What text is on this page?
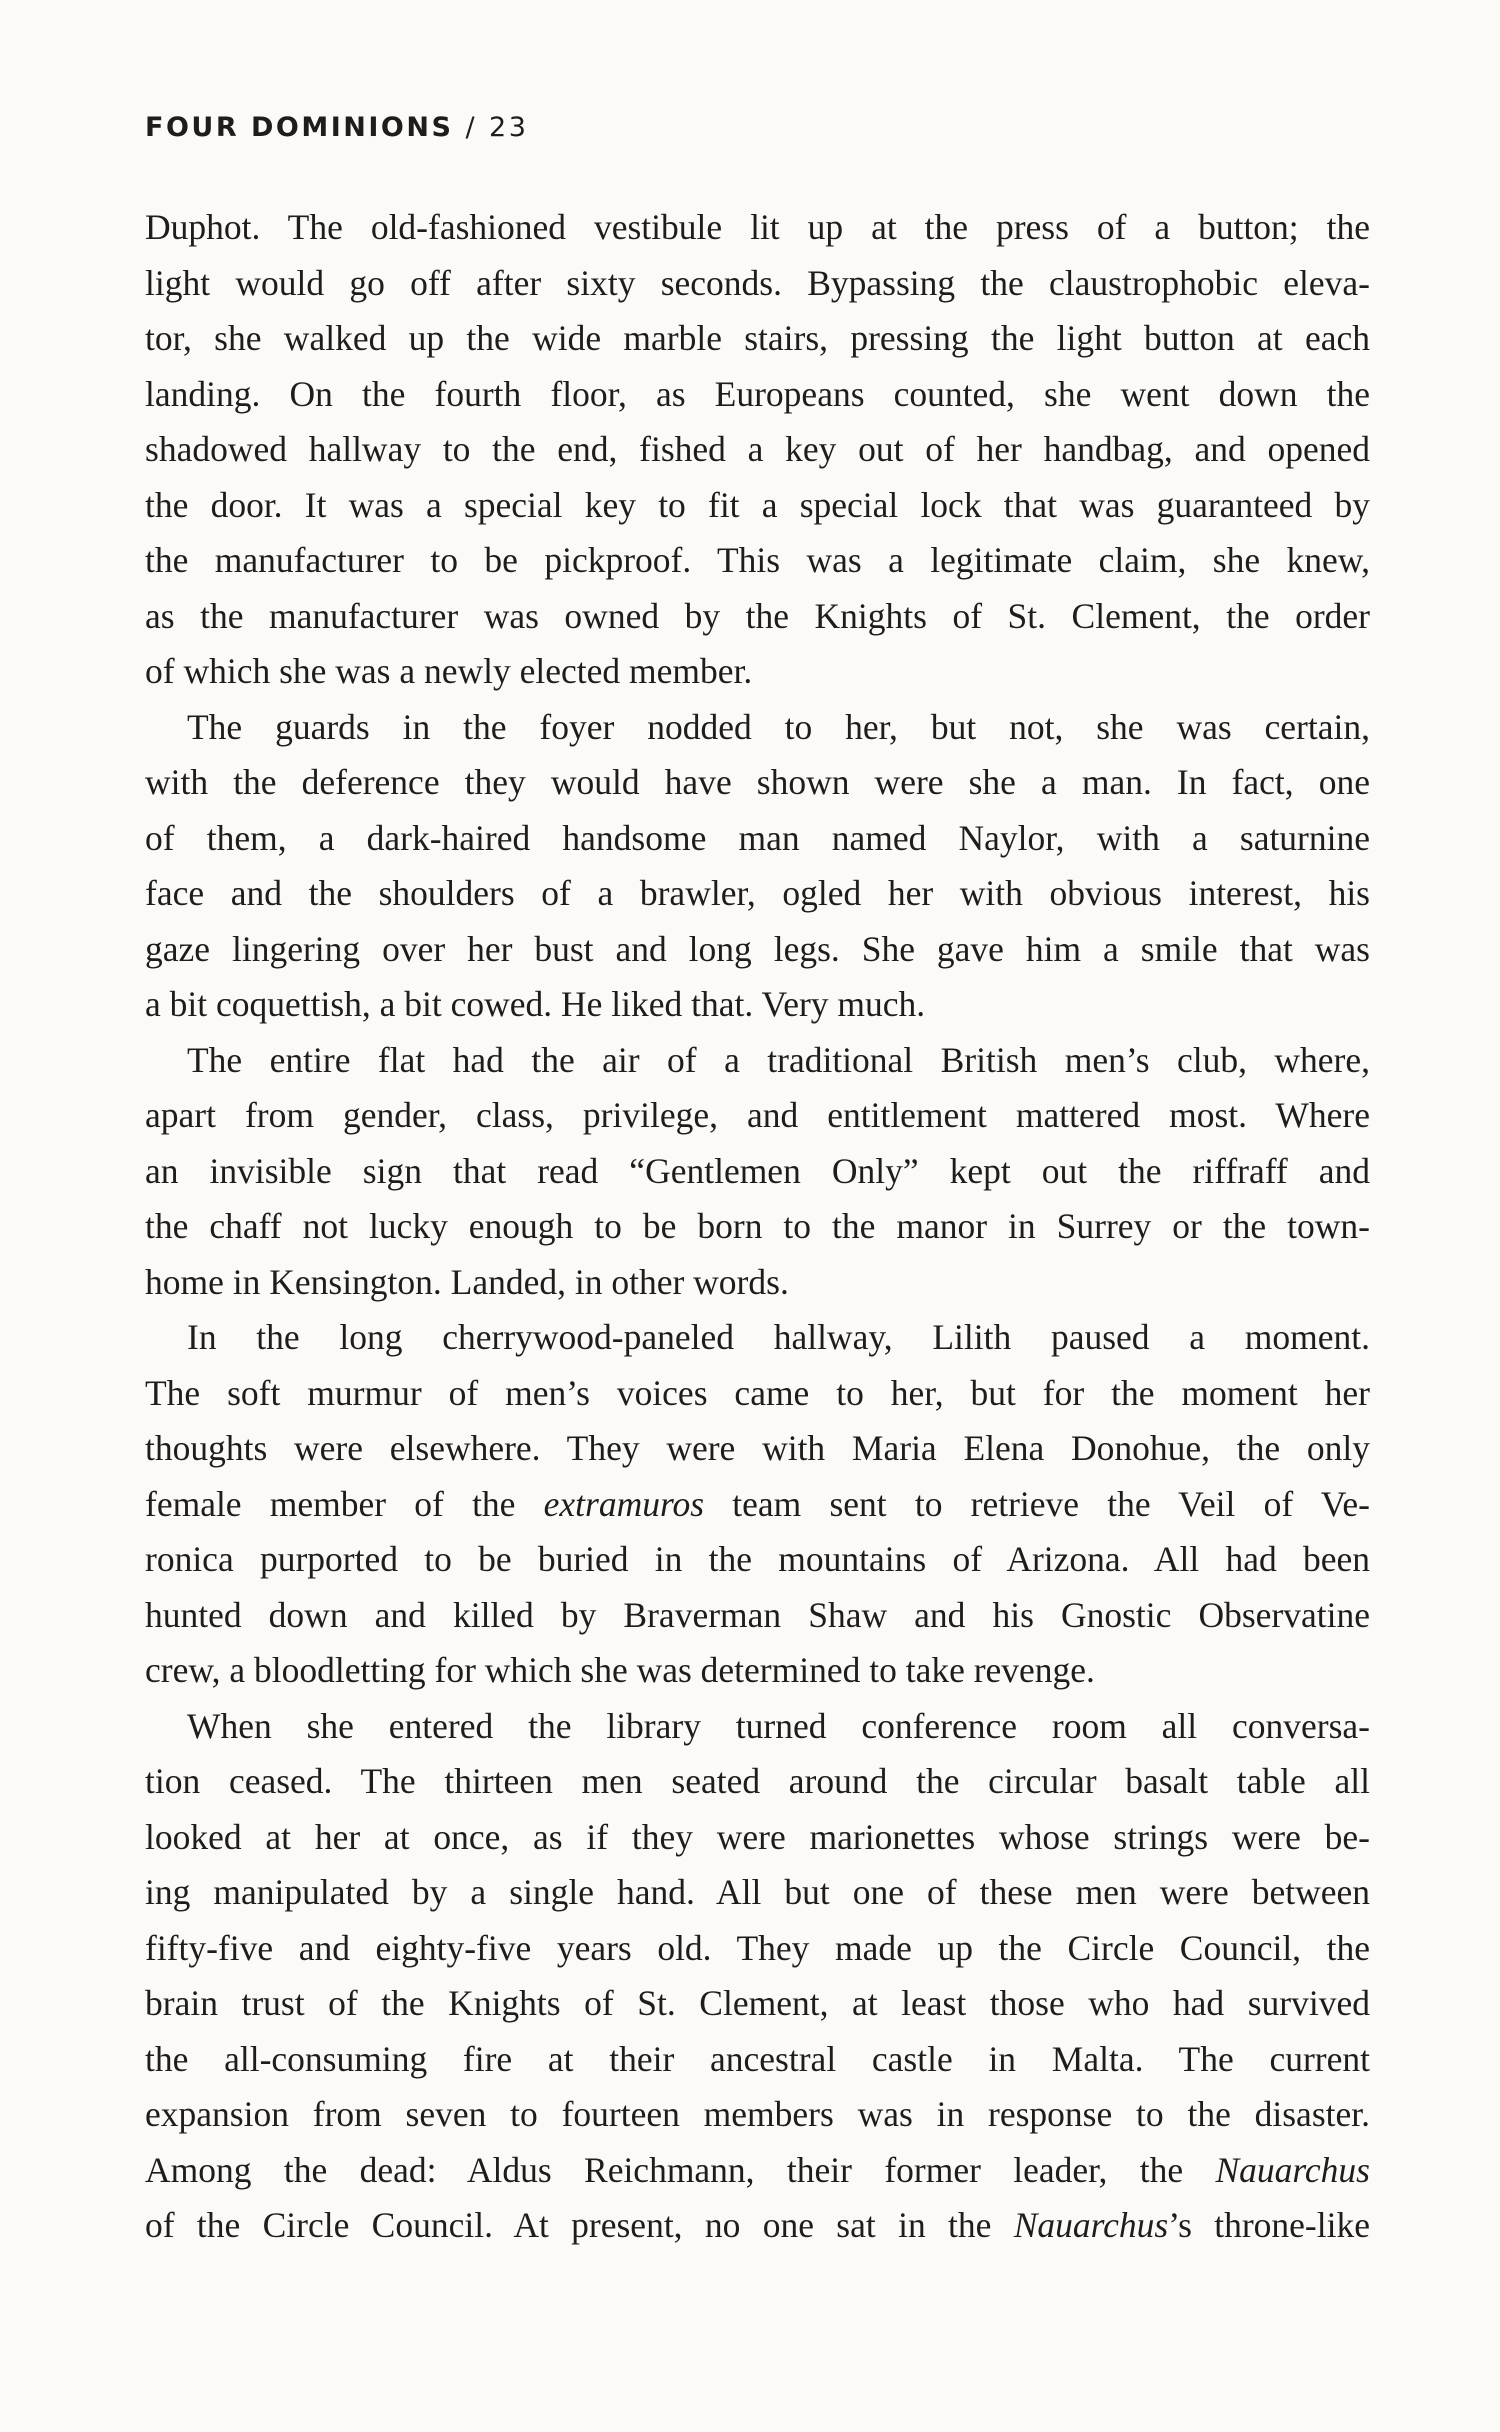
FOUR DOMINIONS / 23
Duphot. The old-fashioned vestibule lit up at the press of a button; the
light would go off after sixty seconds. Bypassing the claustrophobic eleva-
tor, she walked up the wide marble stairs, pressing the light button at each
landing. On the fourth floor, as Europeans counted, she went down the
shadowed hallway to the end, fished a key out of her handbag, and opened
the door. It was a special key to fit a special lock that was guaranteed by
the manufacturer to be pickproof. This was a legitimate claim, she knew,
as the manufacturer was owned by the Knights of St. Clement, the order
of which she was a newly elected member.
The guards in the foyer nodded to her, but not, she was certain,
with the deference they would have shown were she a man. In fact, one
of them, a dark-haired handsome man named Naylor, with a saturnine
face and the shoulders of a brawler, ogled her with obvious interest, his
gaze lingering over her bust and long legs. She gave him a smile that was
a bit coquettish, a bit cowed. He liked that. Very much.
The entire flat had the air of a traditional British men’s club, where,
apart from gender, class, privilege, and entitlement mattered most. Where
an invisible sign that read “Gentlemen Only” kept out the riffraff and
the chaff not lucky enough to be born to the manor in Surrey or the town-
home in Kensington. Landed, in other words.
In the long cherrywood-paneled hallway, Lilith paused a moment.
The soft murmur of men’s voices came to her, but for the moment her
thoughts were elsewhere. They were with Maria Elena Donohue, the only
female member of the extramuros team sent to retrieve the Veil of Ve-
ronica purported to be buried in the mountains of Arizona. All had been
hunted down and killed by Braverman Shaw and his Gnostic Observatine
crew, a bloodletting for which she was determined to take revenge.
When she entered the library turned conference room all conversa-
tion ceased. The thirteen men seated around the circular basalt table all
looked at her at once, as if they were marionettes whose strings were be-
ing manipulated by a single hand. All but one of these men were between
fifty-five and eighty-five years old. They made up the Circle Council, the
brain trust of the Knights of St. Clement, at least those who had survived
the all-consuming fire at their ancestral castle in Malta. The current
expansion from seven to fourteen members was in response to the disaster.
Among the dead: Aldus Reichmann, their former leader, the Nauarchus
of the Circle Council. At present, no one sat in the Nauarchus’s throne-like
